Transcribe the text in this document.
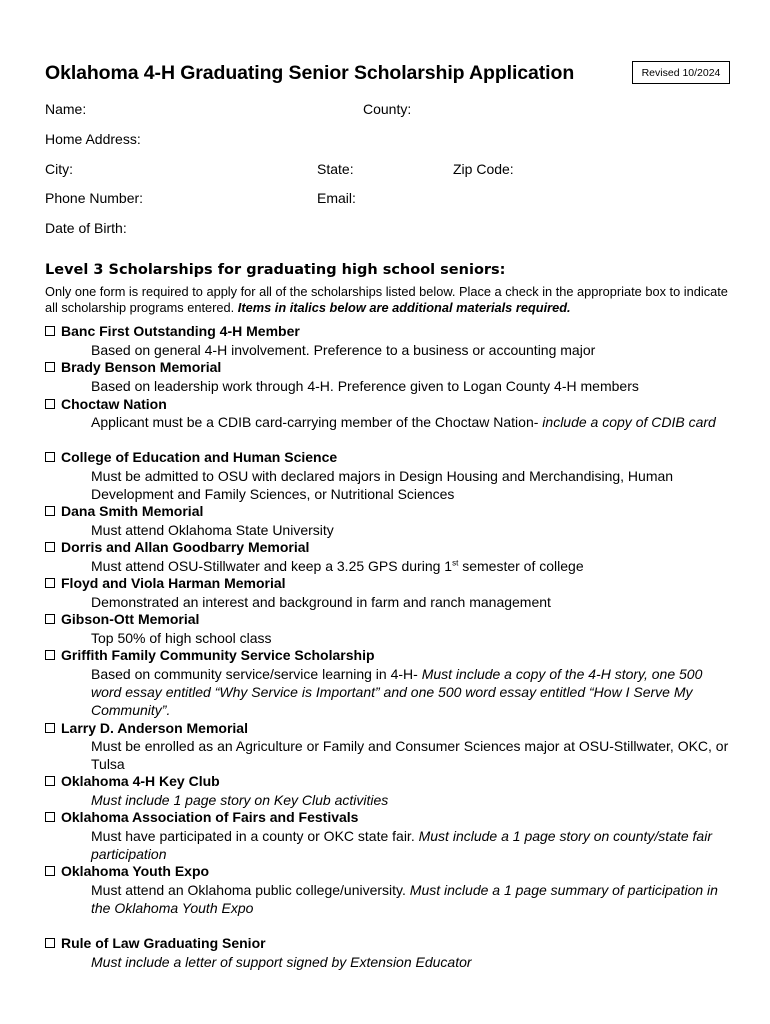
Oklahoma 4-H Graduating Senior Scholarship Application	Revised 10/2024
Name:	County:
Home Address:
City:	State:	Zip Code:
Phone Number:	Email:
Date of Birth:
Level 3 Scholarships for graduating high school seniors:
Only one form is required to apply for all of the scholarships listed below. Place a check in the appropriate box to indicate all scholarship programs entered. Items in italics below are additional materials required.
Banc First Outstanding 4-H Member
Based on general 4-H involvement. Preference to a business or accounting major
Brady Benson Memorial
Based on leadership work through 4-H. Preference given to Logan County 4-H members
Choctaw Nation
Applicant must be a CDIB card-carrying member of the Choctaw Nation- include a copy of CDIB card
College of Education and Human Science
Must be admitted to OSU with declared majors in Design Housing and Merchandising, Human Development and Family Sciences, or Nutritional Sciences
Dana Smith Memorial
Must attend Oklahoma State University
Dorris and Allan Goodbarry Memorial
Must attend OSU-Stillwater and keep a 3.25 GPS during 1st semester of college
Floyd and Viola Harman Memorial
Demonstrated an interest and background in farm and ranch management
Gibson-Ott Memorial
Top 50% of high school class
Griffith Family Community Service Scholarship
Based on community service/service learning in 4-H- Must include a copy of the 4-H story, one 500 word essay entitled “Why Service is Important” and one 500 word essay entitled “How I Serve My Community”.
Larry D. Anderson Memorial
Must be enrolled as an Agriculture or Family and Consumer Sciences major at OSU-Stillwater, OKC, or Tulsa
Oklahoma 4-H Key Club
Must include 1 page story on Key Club activities
Oklahoma Association of Fairs and Festivals
Must have participated in a county or OKC state fair. Must include a 1 page story on county/state fair participation
Oklahoma Youth Expo
Must attend an Oklahoma public college/university. Must include a 1 page summary of participation in the Oklahoma Youth Expo
Rule of Law Graduating Senior
Must include a letter of support signed by Extension Educator
